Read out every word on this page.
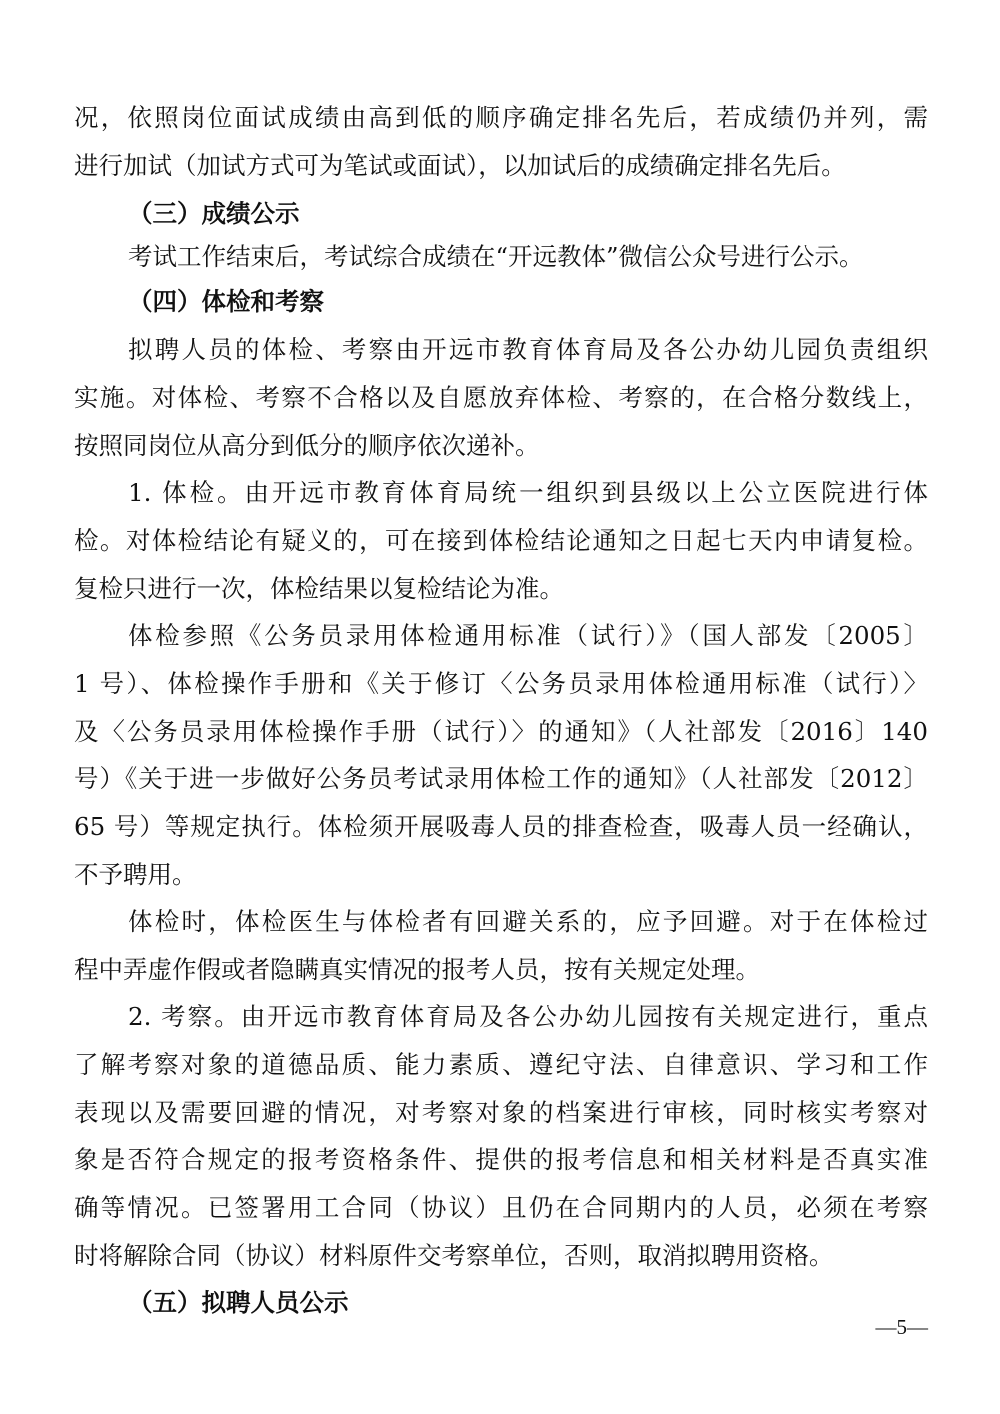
况，依照岗位面试成绩由高到低的顺序确定排名先后，若成绩仍并列，需
进行加试（加试方式可为笔试或面试），以加试后的成绩确定排名先后。
（三）成绩公示
考试工作结束后，考试综合成绩在“开远教体”微信公众号进行公示。
（四）体检和考察
拟聘人员的体检、考察由开远市教育体育局及各公办幼儿园负责组织
实施。对体检、考察不合格以及自愿放弃体检、考察的，在合格分数线上，
按照同岗位从高分到低分的顺序依次递补。
1. 体检。由开远市教育体育局统一组织到县级以上公立医院进行体
检。对体检结论有疑义的，可在接到体检结论通知之日起七天内申请复检。
复检只进行一次，体检结果以复检结论为准。
体检参照《公务员录用体检通用标准（试行）》（国人部发〔2005〕
1 号）、体检操作手册和《关于修订〈公务员录用体检通用标准（试行）〉
及〈公务员录用体检操作手册（试行）〉的通知》（人社部发〔2016〕140
号）《关于进一步做好公务员考试录用体检工作的通知》（人社部发〔2012〕
65 号）等规定执行。体检须开展吸毒人员的排查检查，吸毒人员一经确认，
不予聘用。
体检时，体检医生与体检者有回避关系的，应予回避。对于在体检过
程中弄虚作假或者隐瞒真实情况的报考人员，按有关规定处理。
2. 考察。由开远市教育体育局及各公办幼儿园按有关规定进行，重点
了解考察对象的道德品质、能力素质、遵纪守法、自律意识、学习和工作
表现以及需要回避的情况，对考察对象的档案进行审核，同时核实考察对
象是否符合规定的报考资格条件、提供的报考信息和相关材料是否真实准
确等情况。已签署用工合同（协议）且仍在合同期内的人员，必须在考察
时将解除合同（协议）材料原件交考察单位，否则，取消拟聘用资格。
（五）拟聘人员公示
—5—
